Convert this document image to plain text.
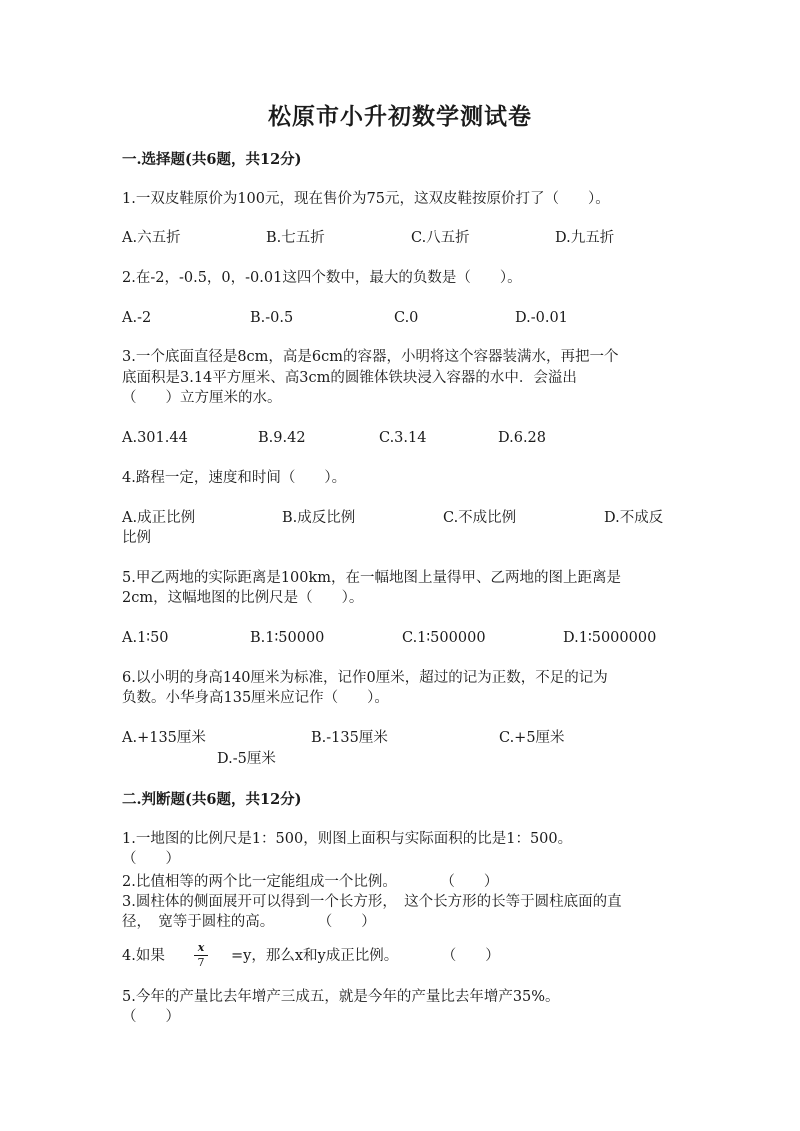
松原市小升初数学测试卷
一.选择题(共6题，共12分)
1.一双皮鞋原价为100元，现在售价为75元，这双皮鞋按原价打了（　　）。
A.六五折	B.七五折	C.八五折	D.九五折
2.在-2，-0.5，0，-0.01这四个数中，最大的负数是（　　）。
A.-2	B.-0.5	C.0	D.-0.01
3.一个底面直径是8cm，高是6cm的容器，小明将这个容器装满水，再把一个
底面积是3.14平方厘米、高3cm的圆锥体铁块浸入容器的水中．会溢出
（　　）立方厘米的水。
A.301.44	B.9.42	C.3.14	D.6.28
4.路程一定，速度和时间（　　）。
A.成正比例	B.成反比例	C.不成比例	D.不成反
比例
5.甲乙两地的实际距离是100km，在一幅地图上量得甲、乙两地的图上距离是
2cm，这幅地图的比例尺是（　　）。
A.1∶50	B.1∶50000	C.1∶500000	D.1∶5000000
6.以小明的身高140厘米为标准，记作0厘米，超过的记为正数，不足的记为
负数。小华身高135厘米应记作（　　）。
A.+135厘米	B.-135厘米	C.+5厘米
D.-5厘米
二.判断题(共6题，共12分)
1.一地图的比例尺是1：500，则图上面积与实际面积的比是1：500。
（　　）
2.比值相等的两个比一定能组成一个比例。　　　　（　　）
3.圆柱体的侧面展开可以得到一个长方形，　这个长方形的长等于圆柱底面的直
径，　宽等于圆柱的高。　　　　（　　）
4.如果
x
7	=y，那么x和y成正比例。　　　　（　　）
5.今年的产量比去年增产三成五，就是今年的产量比去年增产35%。
（　　）
